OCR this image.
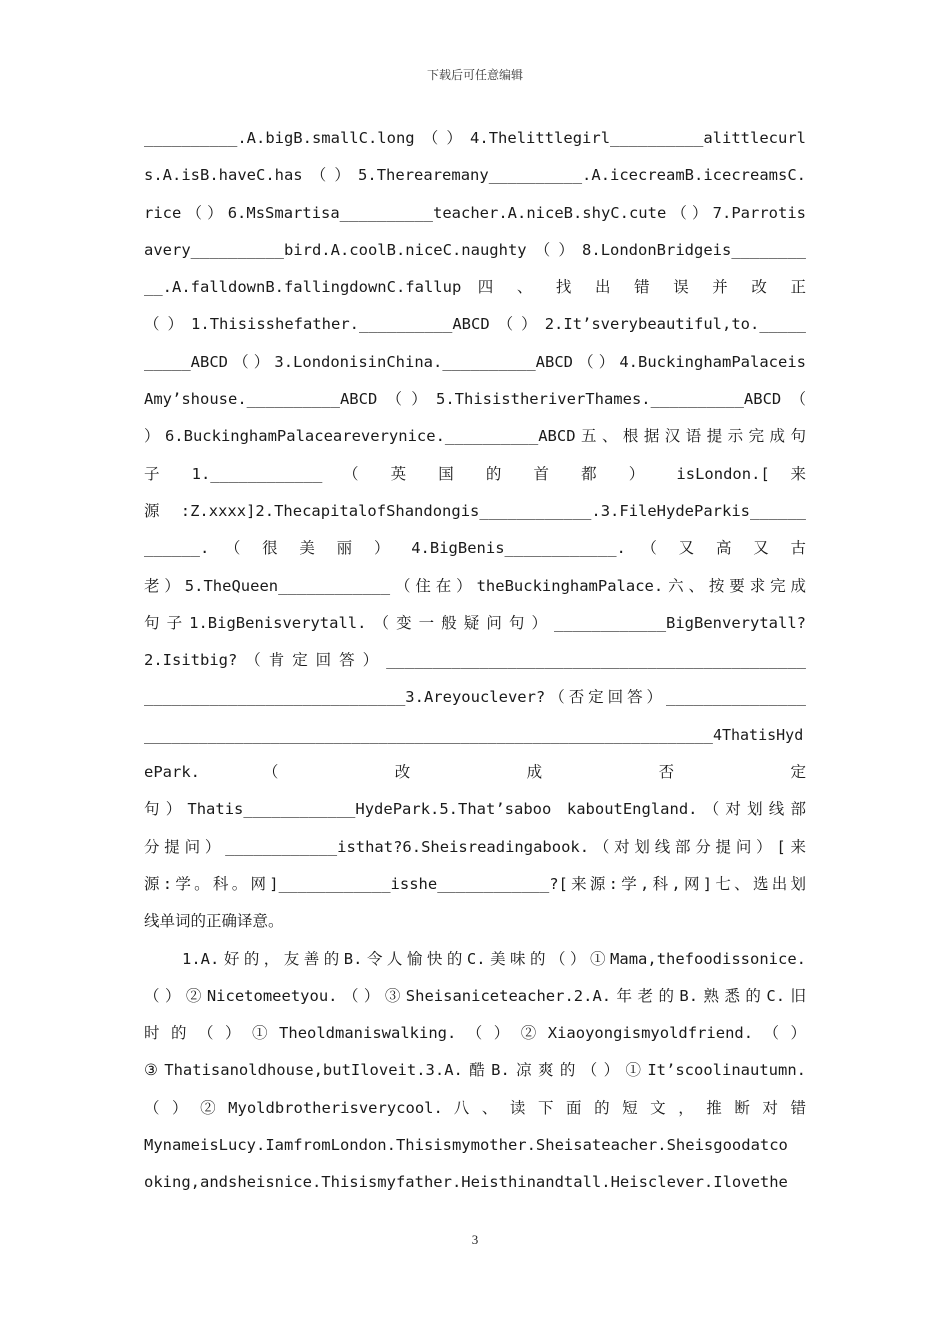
下载后可任意编辑
__________.A.bigB.smallC.long（）4.Thelittlegirl__________alittlecurl
s.A.isB.haveC.has（）5.Therearemany__________.A.icecreamB.icecreamsC.
rice（）6.MsSmartisa__________teacher.A.niceB.shyC.cute（）7.Parrotis
avery__________bird.A.coolB.niceC.naughty（）8.LondonBridgeis________
__.A.falldownB.fallingdownC.fallup 四 、 找 出 错 误 并 改 正
（）1.Thisisshefather.__________ABCD（）2.It’sverybeautiful,to._____
_____ABCD（）3.LondonisinChina.__________ABCD（）4.BuckinghamPalaceis
Amy’shouse.__________ABCD（）5.ThisistheriverThames.__________ABCD（
）6.BuckinghamPalaceareverynice.__________ABCD五、根据汉语提示完成句
子 1.____________ （ 英 国 的 首 都 ） isLondon.[ 来
源:Z.xxxx]2.ThecapitalofShandongis____________.3.FileHydeParkis______
______. （ 很 美 丽 ） 4.BigBenis____________. （ 又 高 又 古
老）5.TheQueen____________（住在）theBuckinghamPalace.六、按要求完成
句子1.BigBenisverytall.（变一般疑问句）____________BigBenverytall?
2.Isitbig?（肯定回答）_____________________________________________
____________________________3.Areyouclever?（否定回答）_______________
_______________________________________________________________4ThatisHyd
ePark. （ 改 成 否 定
句）Thatis____________HydePark.5.That’saboo kaboutEngland.（对划线部
分提问）____________isthat?6.Sheisreadingabook.（对划线部分提问）[来
源:学。科。网]____________isshe____________?[来源:学,科,网]七、选出划
线单词的正确译意。
1.A.好的，友善的B.令人愉快的C.美味的（）①Mama,thefoodissonice.
（）②Nicetomeetyou.（）③Sheisaniceteacher.2.A.年老的B.熟悉的C.旧
时 的 （ ） ① Theoldmaniswalking. （ ） ② Xiaoyongismyoldfriend. （ ）
③Thatisanoldhouse,butIloveit.3.A.酷B.凉爽的（）①It’scoolinautumn.
（ ） ② Myoldbrotherisverycool. 八 、 读 下 面 的 短 文 ， 推 断 对 错
MynameisLucy.IamfromLondon.Thisismymother.Sheisateacher.Sheisgoodatco
oking,andsheisnice.Thisismyfather.Heisthinandtall.Heisclever.Ilovethe
3
